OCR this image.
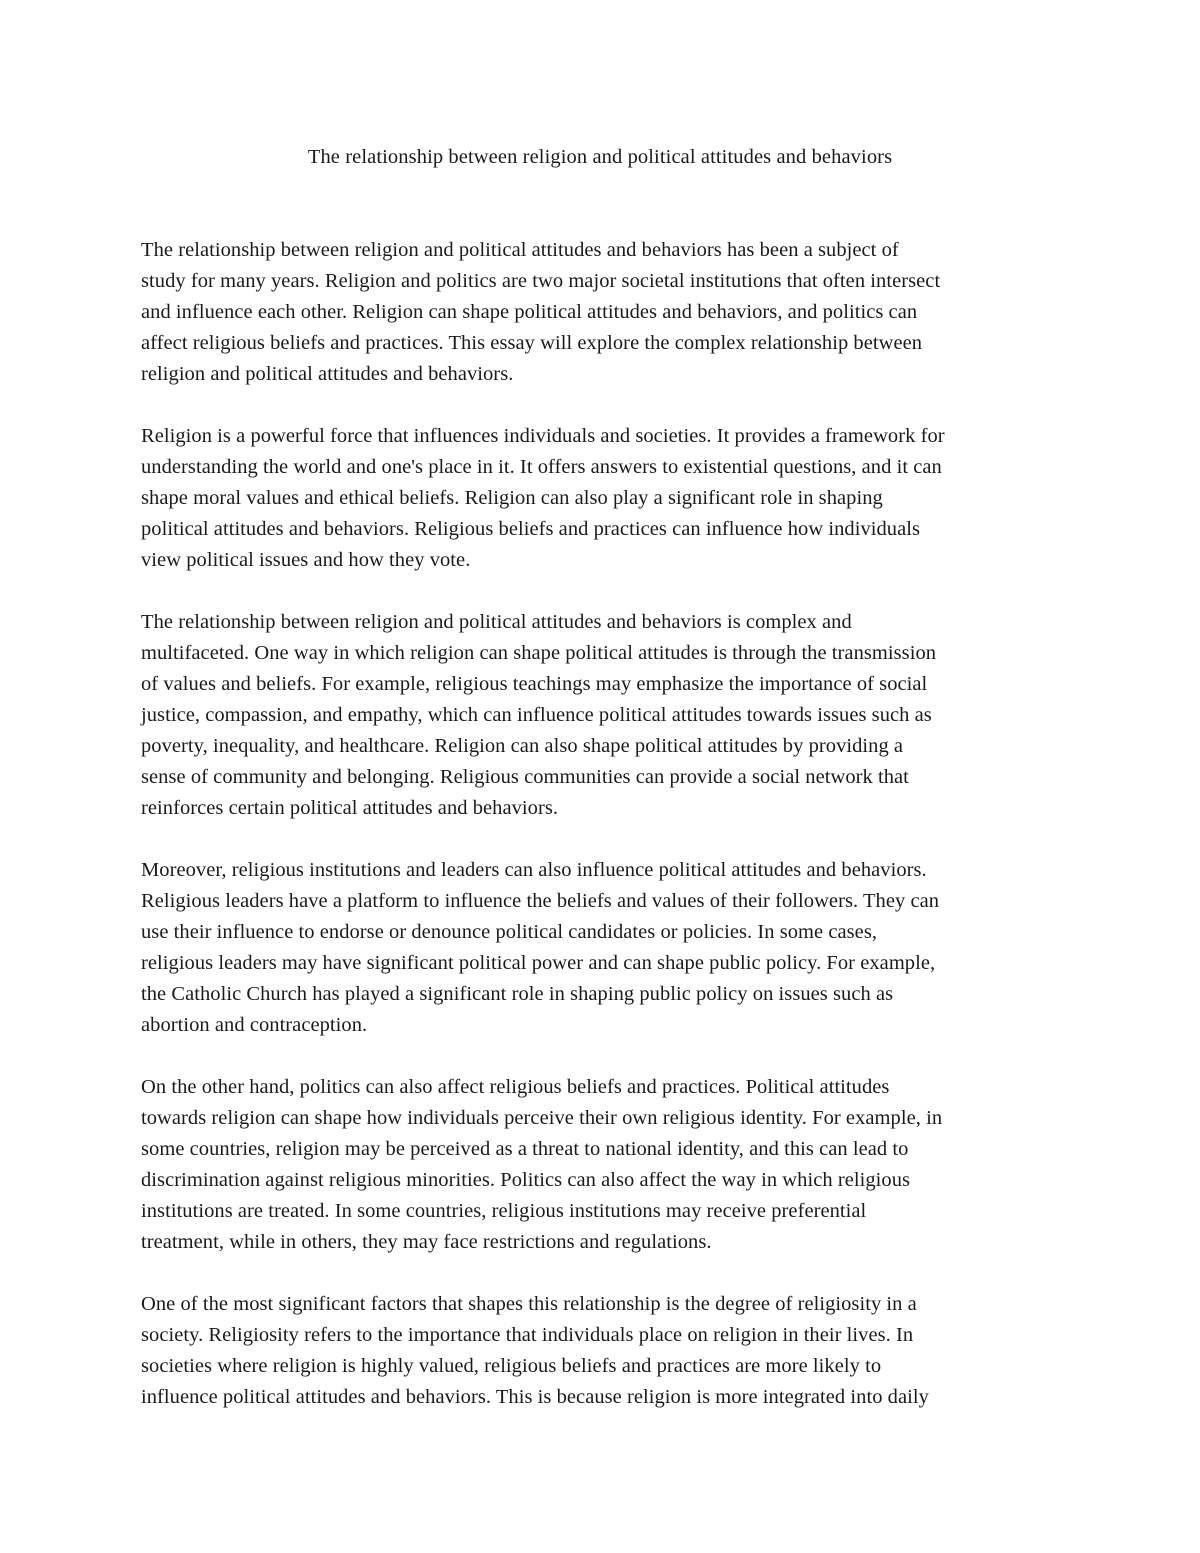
The relationship between religion and political attitudes and behaviors

The relationship between religion and political attitudes and behaviors has been a subject of
study for many years. Religion and politics are two major societal institutions that often intersect
and influence each other. Religion can shape political attitudes and behaviors, and politics can
affect religious beliefs and practices. This essay will explore the complex relationship between
religion and political attitudes and behaviors.

Religion is a powerful force that influences individuals and societies. It provides a framework for
understanding the world and one's place in it. It offers answers to existential questions, and it can
shape moral values and ethical beliefs. Religion can also play a significant role in shaping
political attitudes and behaviors. Religious beliefs and practices can influence how individuals
view political issues and how they vote.

The relationship between religion and political attitudes and behaviors is complex and
multifaceted. One way in which religion can shape political attitudes is through the transmission
of values and beliefs. For example, religious teachings may emphasize the importance of social
justice, compassion, and empathy, which can influence political attitudes towards issues such as
poverty, inequality, and healthcare. Religion can also shape political attitudes by providing a
sense of community and belonging. Religious communities can provide a social network that
reinforces certain political attitudes and behaviors.

Moreover, religious institutions and leaders can also influence political attitudes and behaviors.
Religious leaders have a platform to influence the beliefs and values of their followers. They can
use their influence to endorse or denounce political candidates or policies. In some cases,
religious leaders may have significant political power and can shape public policy. For example,
the Catholic Church has played a significant role in shaping public policy on issues such as
abortion and contraception.

On the other hand, politics can also affect religious beliefs and practices. Political attitudes
towards religion can shape how individuals perceive their own religious identity. For example, in
some countries, religion may be perceived as a threat to national identity, and this can lead to
discrimination against religious minorities. Politics can also affect the way in which religious
institutions are treated. In some countries, religious institutions may receive preferential
treatment, while in others, they may face restrictions and regulations.

One of the most significant factors that shapes this relationship is the degree of religiosity in a
society. Religiosity refers to the importance that individuals place on religion in their lives. In
societies where religion is highly valued, religious beliefs and practices are more likely to
influence political attitudes and behaviors. This is because religion is more integrated into daily
